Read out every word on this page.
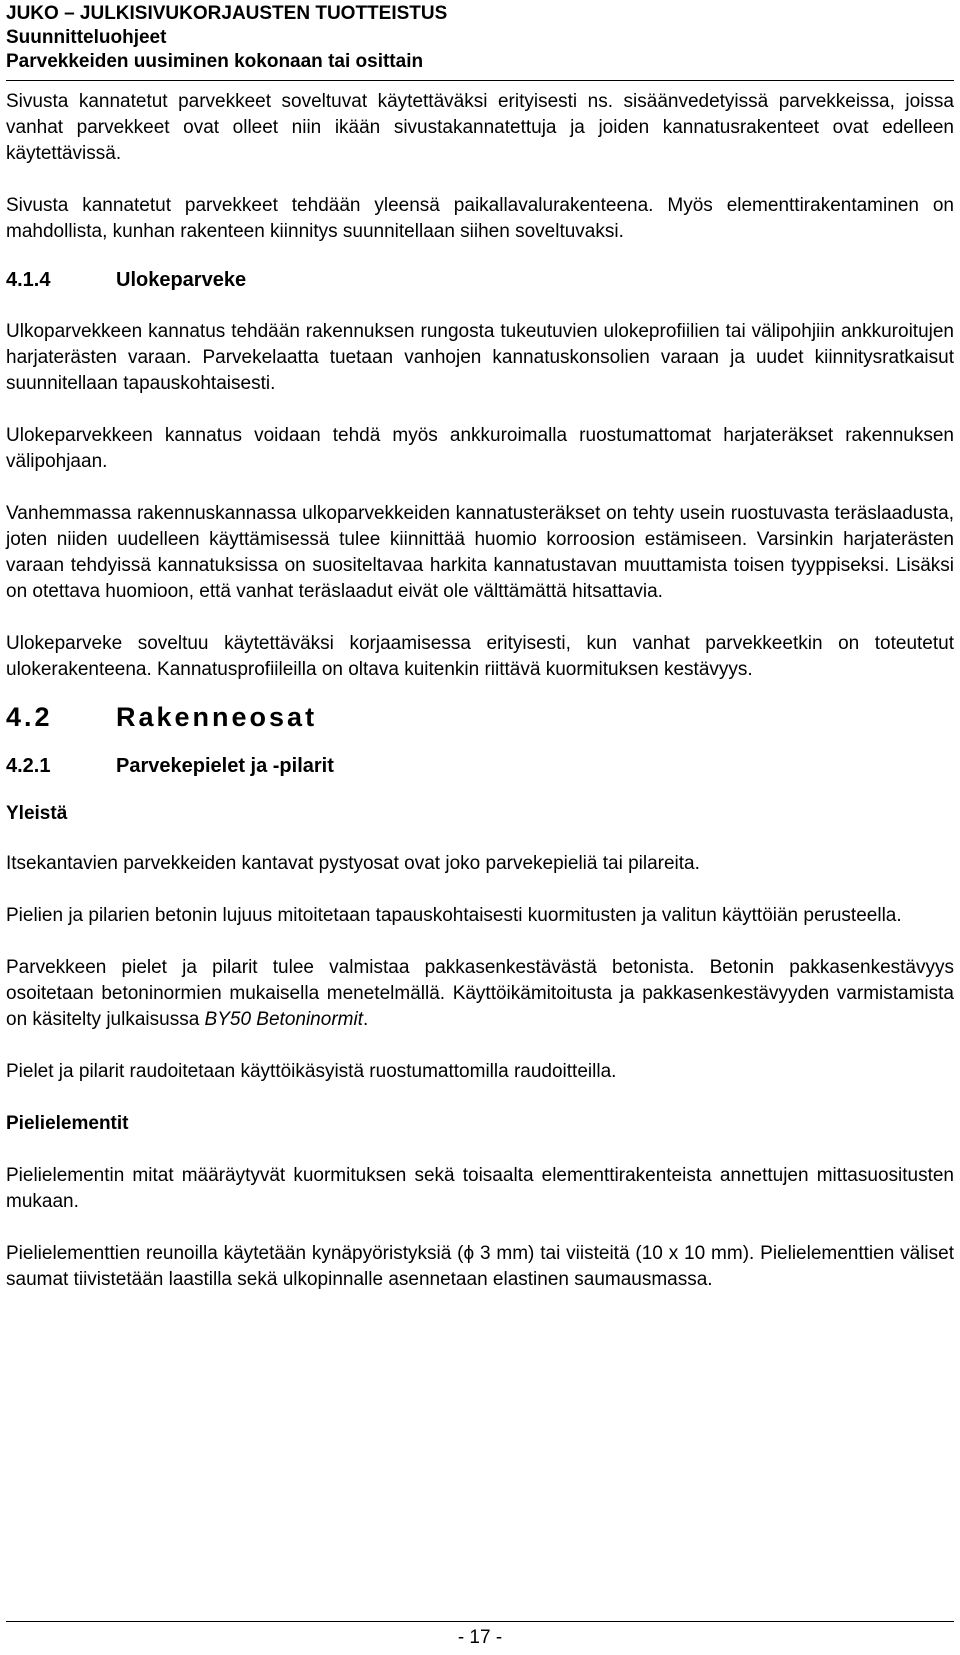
JUKO – JULKISIVUKORJAUSTEN TUOTTEISTUS
Suunnitteluohjeet
Parvekkeiden uusiminen kokonaan tai osittain

Sivusta kannatetut parvekkeet soveltuvat käytettäväksi erityisesti ns. sisäänvedetyissä parvekkeissa, joissa vanhat parvekkeet ovat olleet niin ikään sivustakannatettuja ja joiden kannatusrakenteet ovat edelleen käytettävissä.

Sivusta kannatetut parvekkeet tehdään yleensä paikallavalurakenteena. Myös elementtirakentaminen on mahdollista, kunhan rakenteen kiinnitys suunnitellaan siihen soveltuvaksi.

4.1.4	Ulokeparveke

Ulkoparvekkeen kannatus tehdään rakennuksen rungosta tukeutuvien ulokeprofiilien tai välipohjiin ankkuroitujen harjaterästen varaan. Parvekelaatta tuetaan vanhojen kannatuskonsolien varaan ja uudet kiinnitysratkaisut suunnitellaan tapauskohtaisesti.

Ulokeparvekkeen kannatus voidaan tehdä myös ankkuroimalla ruostumattomat harjateräkset rakennuksen välipohjaan.

Vanhemmassa rakennuskannassa ulkoparvekkeiden kannatusteräkset on tehty usein ruostuvasta teräslaadusta, joten niiden uudelleen käyttämisessä tulee kiinnittää huomio korroosion estämiseen. Varsinkin harjaterästen varaan tehdyissä kannatuksissa on suositeltavaa harkita kannatustavan muuttamista toisen tyyppiseksi. Lisäksi on otettava huomioon, että vanhat teräslaadut eivät ole välttämättä hitsattavia.

Ulokeparveke soveltuu käytettäväksi korjaamisessa erityisesti, kun vanhat parvekkeetkin on toteutetut ulokerakenteena. Kannatusprofiileilla on oltava kuitenkin riittävä kuormituksen kestävyys.

4.2	Rakenneosat
4.2.1	Parvekepielet ja -pilarit
Yleistä

Itsekantavien parvekkeiden kantavat pystyosat ovat joko parvekepieliä tai pilareita.

Pielien ja pilarien betonin lujuus mitoitetaan tapauskohtaisesti kuormitusten ja valitun käyttöiän perusteella.

Parvekkeen pielet ja pilarit tulee valmistaa pakkasenkestävästä betonista. Betonin pakkasenkestävyys osoitetaan betoninormien mukaisella menetelmällä. Käyttöikämitoitusta ja pakkasenkestävyyden varmistamista on käsitelty julkaisussa BY50 Betoninormit.

Pielet ja pilarit raudoitetaan käyttöikäsyistä ruostumattomilla raudoitteilla.

Pielielementit

Pielielementin mitat määräytyvät kuormituksen sekä toisaalta elementtirakenteista annettujen mittasuositusten mukaan.

Pielielementtien reunoilla käytetään kynäpyöristyksiä (ϕ 3 mm) tai viisteitä (10 x 10 mm). Pielielementtien väliset saumat tiivistetään laastilla sekä ulkopinnalle asennetaan elastinen saumausmassa.

- 17 -
